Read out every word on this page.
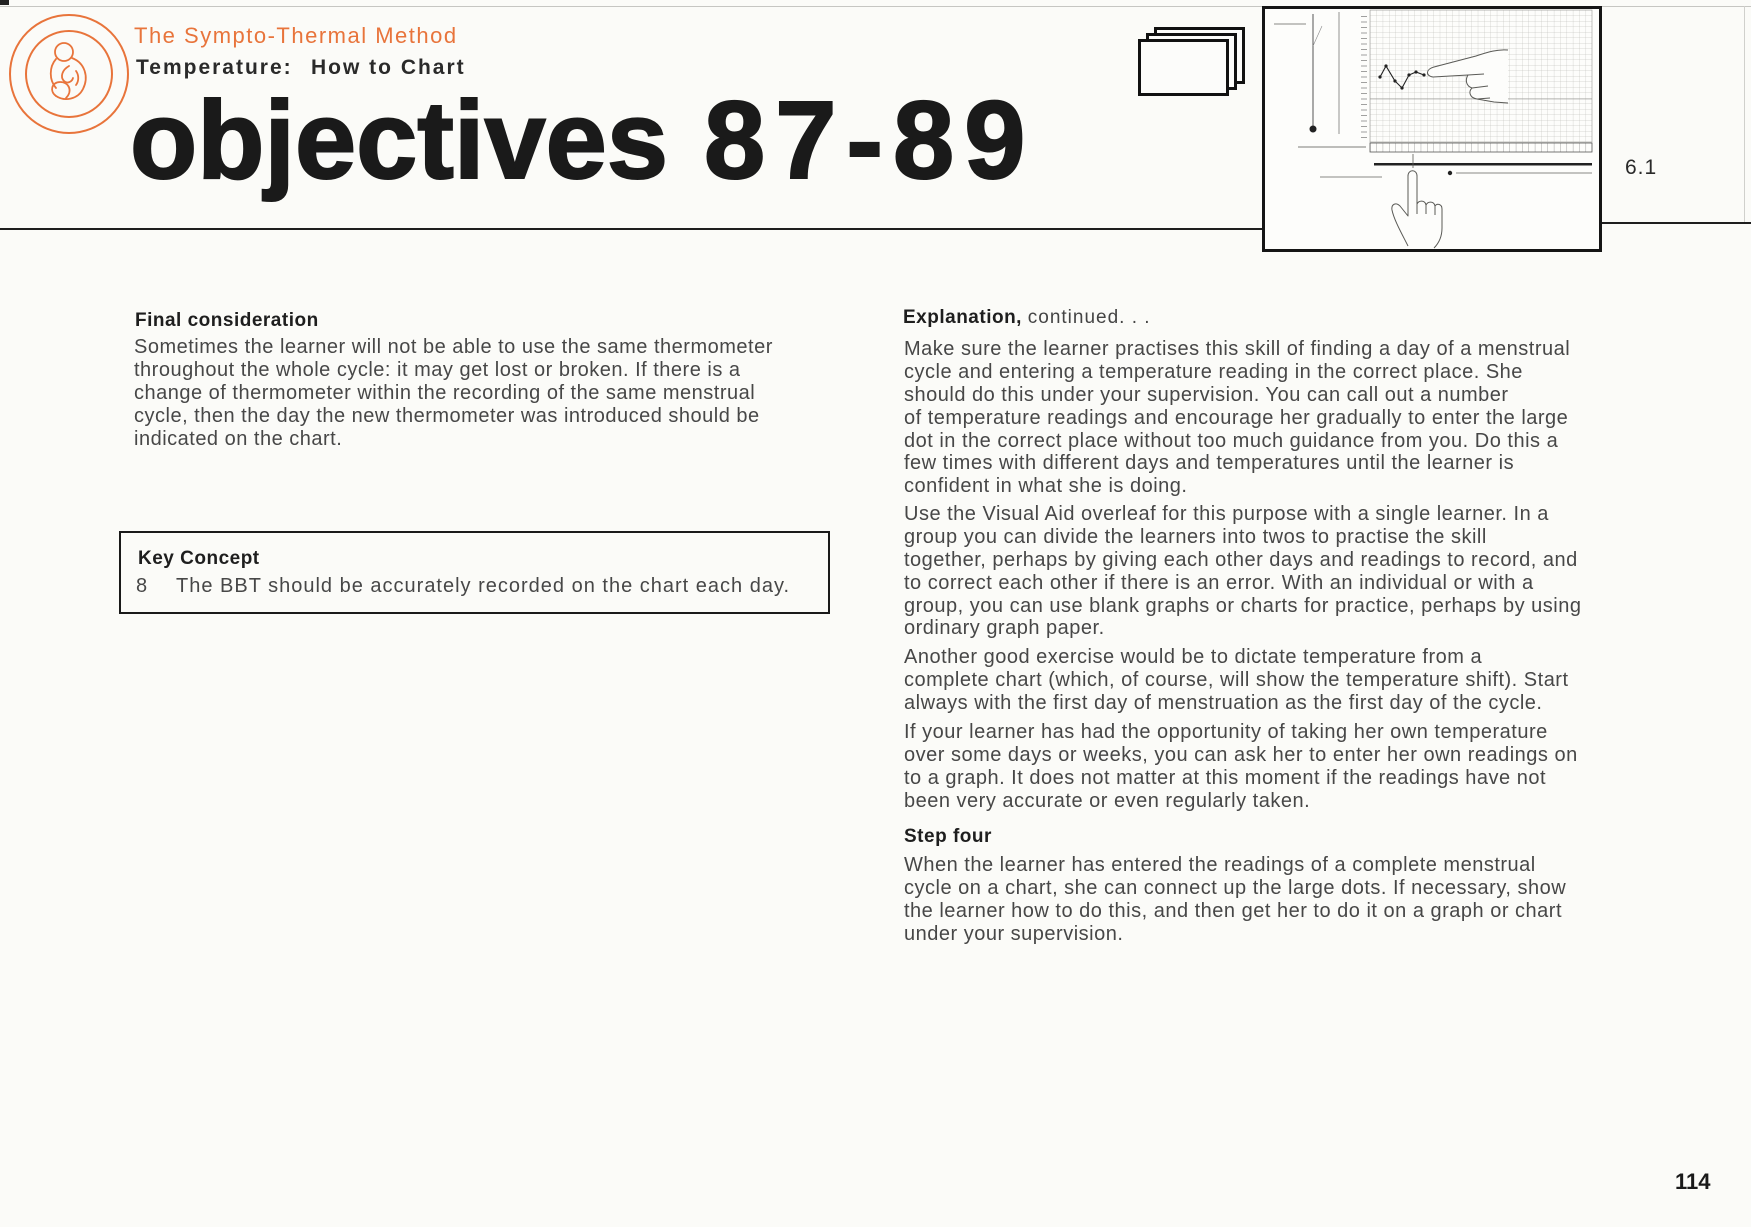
The Sympto-Thermal Method
Temperature: How to Chart
objectives 87-89	6.1
Final consideration
Sometimes the learner will not be able to use the same thermometer
throughout the whole cycle: it may get lost or broken. If there is a
change of thermometer within the recording of the same menstrual
cycle, then the day the new thermometer was introduced should be
indicated on the chart.
Key Concept
8 The BBT should be accurately recorded on the chart each day.
Explanation, continued. . .
Make sure the learner practises this skill of finding a day of a menstrual
cycle and entering a temperature reading in the correct place. She
should do this under your supervision. You can call out a number
of temperature readings and encourage her gradually to enter the large
dot in the correct place without too much guidance from you. Do this a
few times with different days and temperatures until the learner is
confident in what she is doing.
Use the Visual Aid overleaf for this purpose with a single learner. In a
group you can divide the learners into twos to practise the skill
together, perhaps by giving each other days and readings to record, and
to correct each other if there is an error. With an individual or with a
group, you can use blank graphs or charts for practice, perhaps by using
ordinary graph paper.
Another good exercise would be to dictate temperature from a
complete chart (which, of course, will show the temperature shift). Start
always with the first day of menstruation as the first day of the cycle.
If your learner has had the opportunity of taking her own temperature
over some days or weeks, you can ask her to enter her own readings on
to a graph. It does not matter at this moment if the readings have not
been very accurate or even regularly taken.
Step four
When the learner has entered the readings of a complete menstrual
cycle on a chart, she can connect up the large dots. If necessary, show
the learner how to do this, and then get her to do it on a graph or chart
under your supervision.
114
